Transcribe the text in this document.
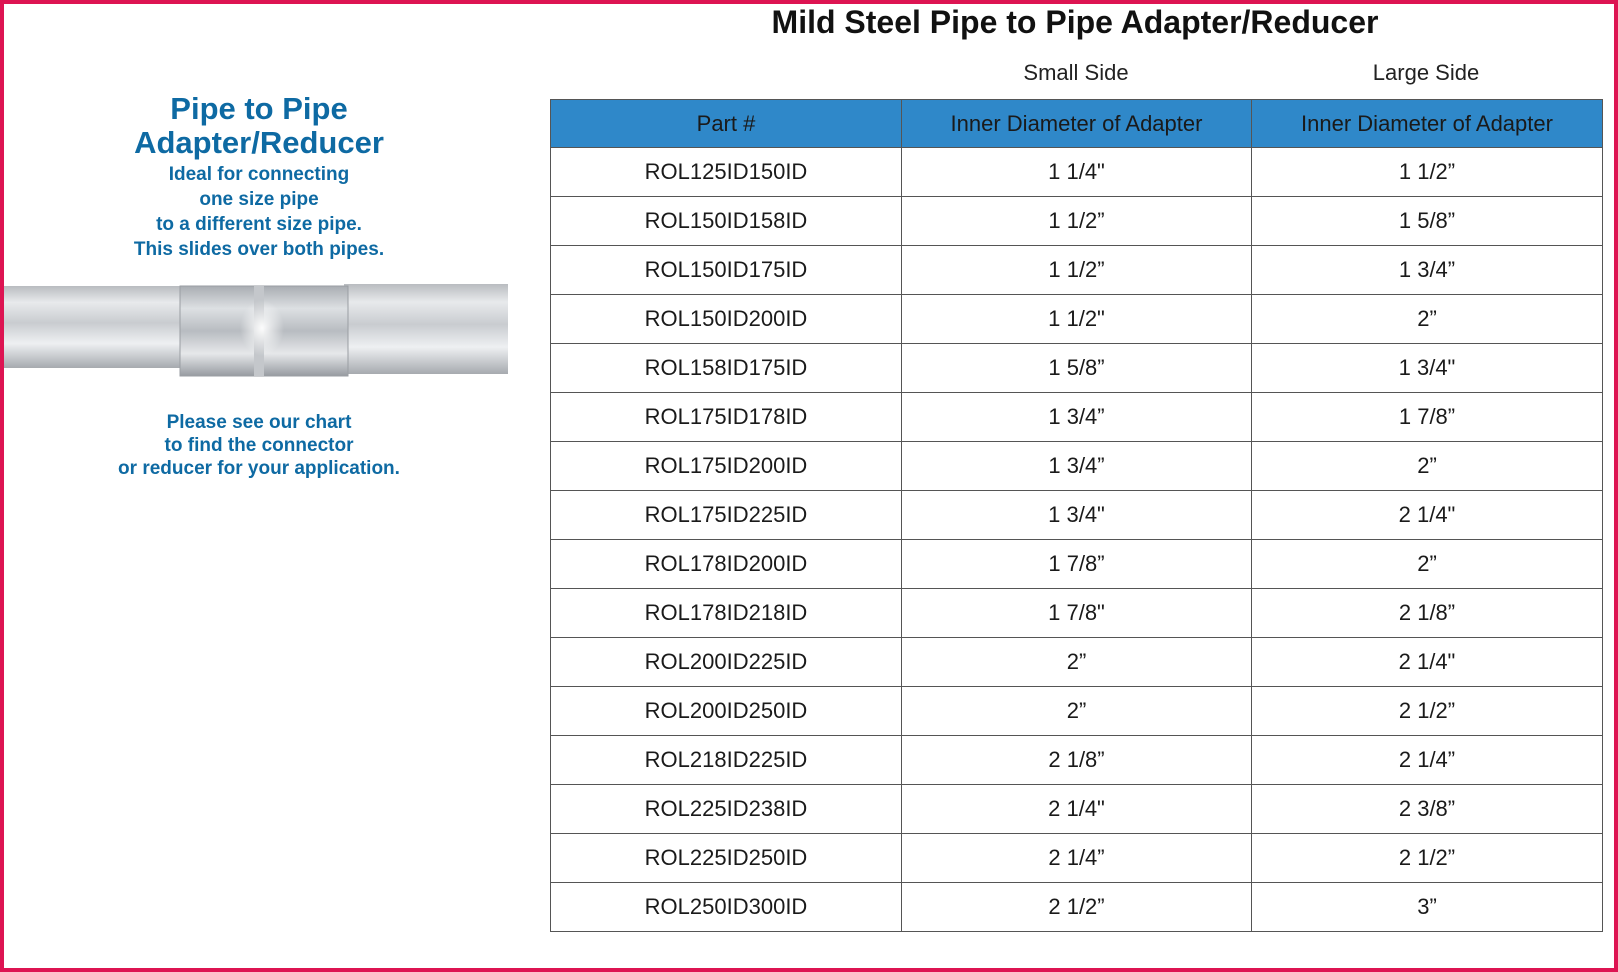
Mild Steel Pipe to Pipe Adapter/Reducer
Pipe to Pipe
Adapter/Reducer
Ideal for connecting
one size pipe
to a different size pipe.
This slides over both pipes.
Please see our chart
to find the connector
or reducer for your application.
Small Side	Large Side
Part #	Inner Diameter of Adapter	Inner Diameter of Adapter
ROL125ID150ID	1 1/4"	1 1/2”
ROL150ID158ID	1 1/2”	1 5/8”
ROL150ID175ID	1 1/2”	1 3/4”
ROL150ID200ID	1 1/2"	2”
ROL158ID175ID	1 5/8”	1 3/4"
ROL175ID178ID	1 3/4”	1 7/8”
ROL175ID200ID	1 3/4”	2”
ROL175ID225ID	1 3/4"	2 1/4"
ROL178ID200ID	1 7/8”	2”
ROL178ID218ID	1 7/8"	2 1/8”
ROL200ID225ID	2”	2 1/4"
ROL200ID250ID	2”	2 1/2”
ROL218ID225ID	2 1/8”	2 1/4”
ROL225ID238ID	2 1/4"	2 3/8”
ROL225ID250ID	2 1/4”	2 1/2”
ROL250ID300ID	2 1/2”	3”
